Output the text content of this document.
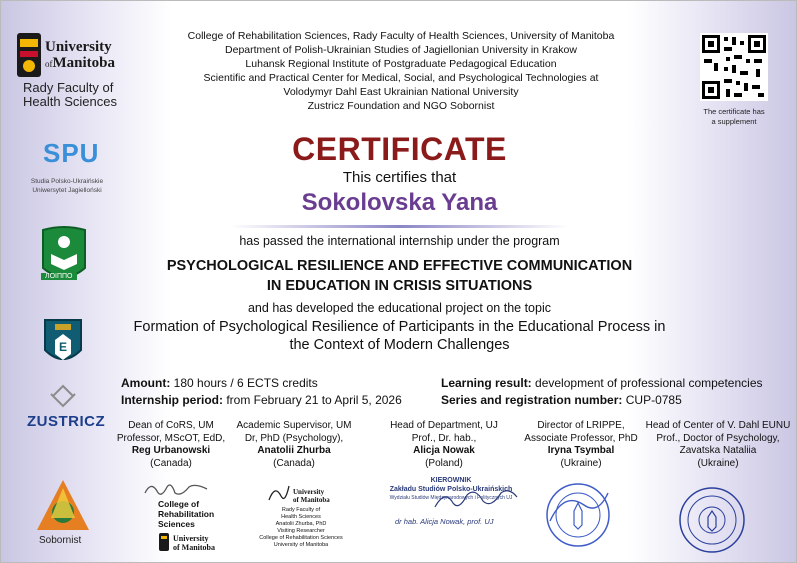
University
ofManitoba
Rady Faculty of
Health Sciences
SPU
Studia Polsko-Ukraińskie
Uniwersytet Jagielloński
ЛОІППО
E
ZUSTRICZ
Sobornist
The certificate has
a supplement
College of Rehabilitation Sciences, Rady Faculty of Health Sciences, University of Manitoba
Department of Polish-Ukrainian Studies of Jagiellonian University in Krakow
Luhansk Regional Institute of Postgraduate Pedagogical Education
Scientific and Practical Center for Medical, Social, and Psychological Technologies at
Volodymyr Dahl East Ukrainian National University
Zustricz Foundation and NGO Sobornist
CERTIFICATE
This certifies that
Sokolovska Yana
has passed the international internship under the program
PSYCHOLOGICAL RESILIENCE AND EFFECTIVE COMMUNICATION
IN EDUCATION IN CRISIS SITUATIONS
and has developed the educational project on the topic
Formation of Psychological Resilience of Participants in the Educational Process in
the Context of Modern Challenges
Amount: 180 hours / 6 ECTS credits
Internship period: from February 21 to April 5, 2026
Learning result: development of professional competencies
Series and registration number: CUP-0785
Dean of CoRS, UM
Professor, MScOT, EdD,
Reg Urbanowski
(Canada)
Academic Supervisor, UM
Dr, PhD (Psychology),
Anatolii Zhurba
(Canada)
Head of Department, UJ
Prof., Dr. hab.,
Alicja Nowak
(Poland)
Director of LRIPPE,
Associate Professor, PhD
Iryna Tsymbal
(Ukraine)
Head of Center of V. Dahl EUNU
Prof., Doctor of Psychology,
Zavatska Nataliia
(Ukraine)
College of
Rehabilitation
Sciences
University
of Manitoba
University
of Manitoba
Rady Faculty of
Health Sciences
Anatolii Zhurba, PhD
Visiting Researcher
College of Rehabilitation Sciences
University of Manitoba
KIEROWNIK
Zakładu Studiów Polsko-Ukraińskich
Wydziału Studiów Międzynarodowych i Politycznych UJ
dr hab. Alicja Nowak, prof. UJ
